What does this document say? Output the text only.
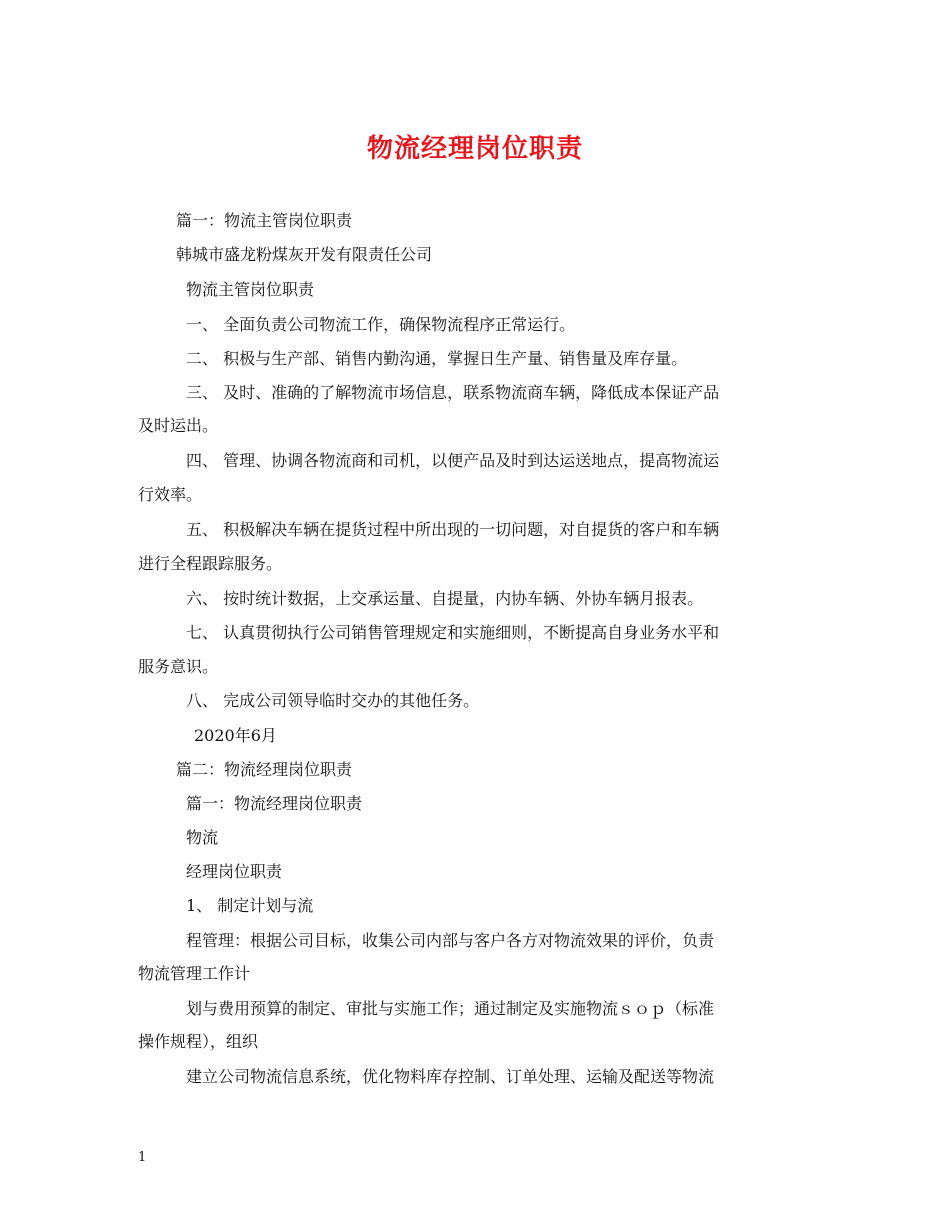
物流经理岗位职责
篇一：物流主管岗位职责
韩城市盛龙粉煤灰开发有限责任公司
物流主管岗位职责
一、 全面负责公司物流工作，确保物流程序正常运行。
二、 积极与生产部、销售内勤沟通，掌握日生产量、销售量及库存量。
三、 及时、准确的了解物流市场信息，联系物流商车辆，降低成本保证产品
及时运出。
四、 管理、协调各物流商和司机，以便产品及时到达运送地点，提高物流运
行效率。
五、 积极解决车辆在提货过程中所出现的一切问题，对自提货的客户和车辆
进行全程跟踪服务。
六、 按时统计数据，上交承运量、自提量，内协车辆、外协车辆月报表。
七、 认真贯彻执行公司销售管理规定和实施细则，不断提高自身业务水平和
服务意识。
八、 完成公司领导临时交办的其他任务。
2020年6月
篇二：物流经理岗位职责
篇一：物流经理岗位职责
物流
经理岗位职责
1、 制定计划与流
程管理：根据公司目标，收集公司内部与客户各方对物流效果的评价，负责
物流管理工作计
划与费用预算的制定、审批与实施工作；通过制定及实施物流ｓｏｐ（标准
操作规程），组织
建立公司物流信息系统，优化物料库存控制、订单处理、运输及配送等物流
1
